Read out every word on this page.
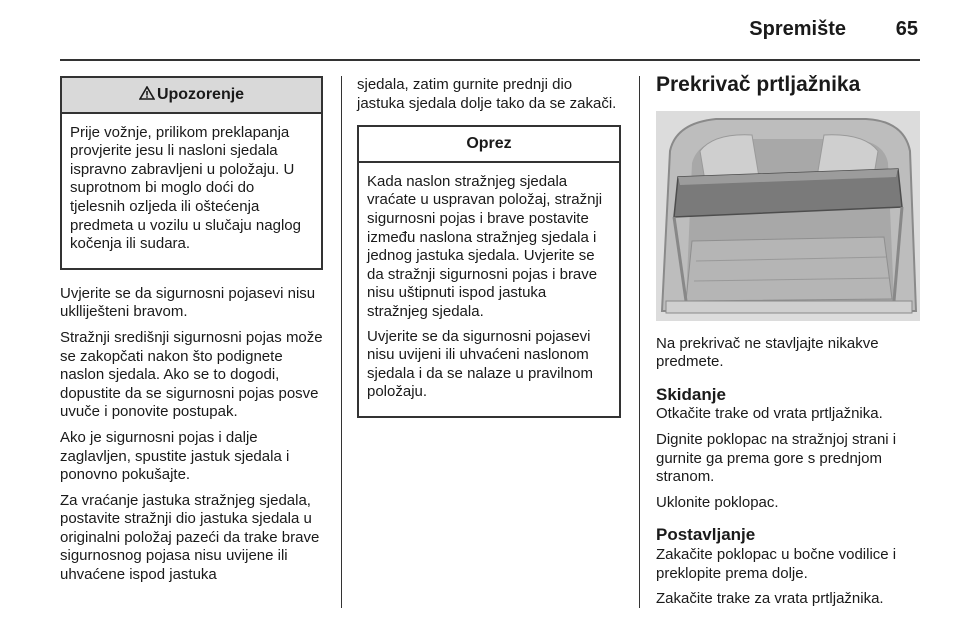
Spremište 65
Upozorenje

Prije vožnje, prilikom preklapanja provjerite jesu li nasloni sjedala ispravno zabravljeni u položaju. U suprotnom bi moglo doći do tjelesnih ozljeda ili oštećenja predmeta u vozilu u slučaju naglog kočenja ili sudara.

Uvjerite se da sigurnosni pojasevi nisu uklliješteni bravom.

Stražnji središnji sigurnosni pojas može se zakopčati nakon što podignete naslon sjedala. Ako se to dogodi, dopustite da se sigurnosni pojas posve uvuče i ponovite postupak.

Ako je sigurnosni pojas i dalje zaglavljen, spustite jastuk sjedala i ponovno pokušajte.

Za vraćanje jastuka stražnjeg sjedala, postavite stražnji dio jastuka sjedala u originalni položaj pazeći da trake brave sigurnosnog pojasa nisu uvijene ili uhvaćene ispod jastuka

sjedala, zatim gurnite prednji dio jastuka sjedala dolje tako da se zakači.

Oprez

Kada naslon stražnjeg sjedala vraćate u uspravan položaj, stražnji sigurnosni pojas i brave postavite između naslona stražnjeg sjedala i jednog jastuka sjedala. Uvjerite se da stražnji sigurnosni pojas i brave nisu uštipnuti ispod jastuka stražnjeg sjedala.

Uvjerite se da sigurnosni pojasevi nisu uvijeni ili uhvaćeni naslonom sjedala i da se nalaze u pravilnom položaju.

Prekrivač prtljažnika

Na prekrivač ne stavljajte nikakve predmete.

Skidanje

Otkačite trake od vrata prtljažnika.

Dignite poklopac na stražnjoj strani i gurnite ga prema gore s prednjom stranom.

Uklonite poklopac.

Postavljanje

Zakačite poklopac u bočne vodilice i preklopite prema dolje.

Zakačite trake za vrata prtljažnika.
